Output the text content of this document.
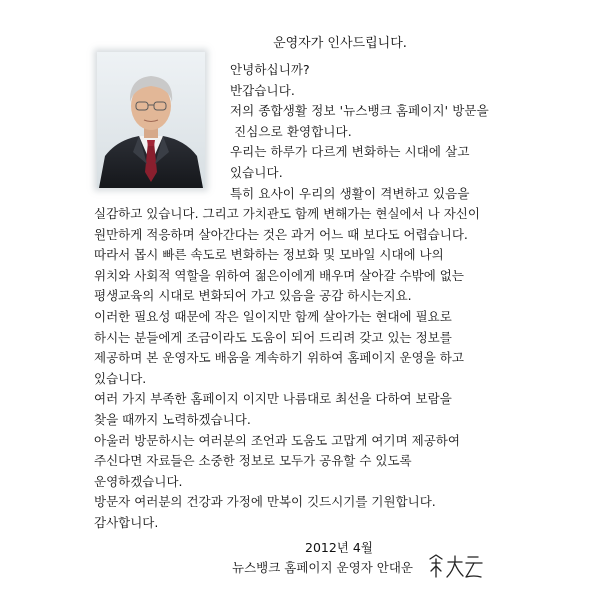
운영자가 인사드립니다.
안녕하십니까?
반갑습니다.
저의 종합생활 정보 '뉴스뱅크 홈페이지' 방문을
진심으로 환영합니다.
우리는 하루가 다르게 변화하는 시대에 살고
있습니다.
특히 요사이 우리의 생활이 격변하고 있음을
실감하고 있습니다. 그리고 가치관도 함께 변해가는 현실에서 나 자신이
원만하게 적응하며 살아간다는 것은 과거 어느 때 보다도 어렵습니다.
따라서 몹시 빠른 속도로 변화하는 정보화 및 모바일 시대에 나의
위치와 사회적 역할을 위하여 젊은이에게 배우며 살아갈 수밖에 없는
평생교육의 시대로 변화되어 가고 있음을 공감 하시는지요.
이러한 필요성 때문에 작은 일이지만 함께 살아가는 현대에 필요로
하시는 분들에게 조금이라도 도움이 되어 드리려 갖고 있는 정보를
제공하며 본 운영자도 배움을 계속하기 위하여 홈페이지 운영을 하고
있습니다.
여러 가지 부족한 홈페이지 이지만 나름대로 최선을 다하여 보람을
찾을 때까지 노력하겠습니다.
아울러 방문하시는 여러분의 조언과 도움도 고맙게 여기며 제공하여
주신다면 자료들은 소중한 정보로 모두가 공유할 수 있도록
운영하겠습니다.
방문자 여러분의 건강과 가정에 만복이 깃드시기를 기원합니다.
감사합니다.
2012년 4월
뉴스뱅크 홈페이지 운영자 안대운
